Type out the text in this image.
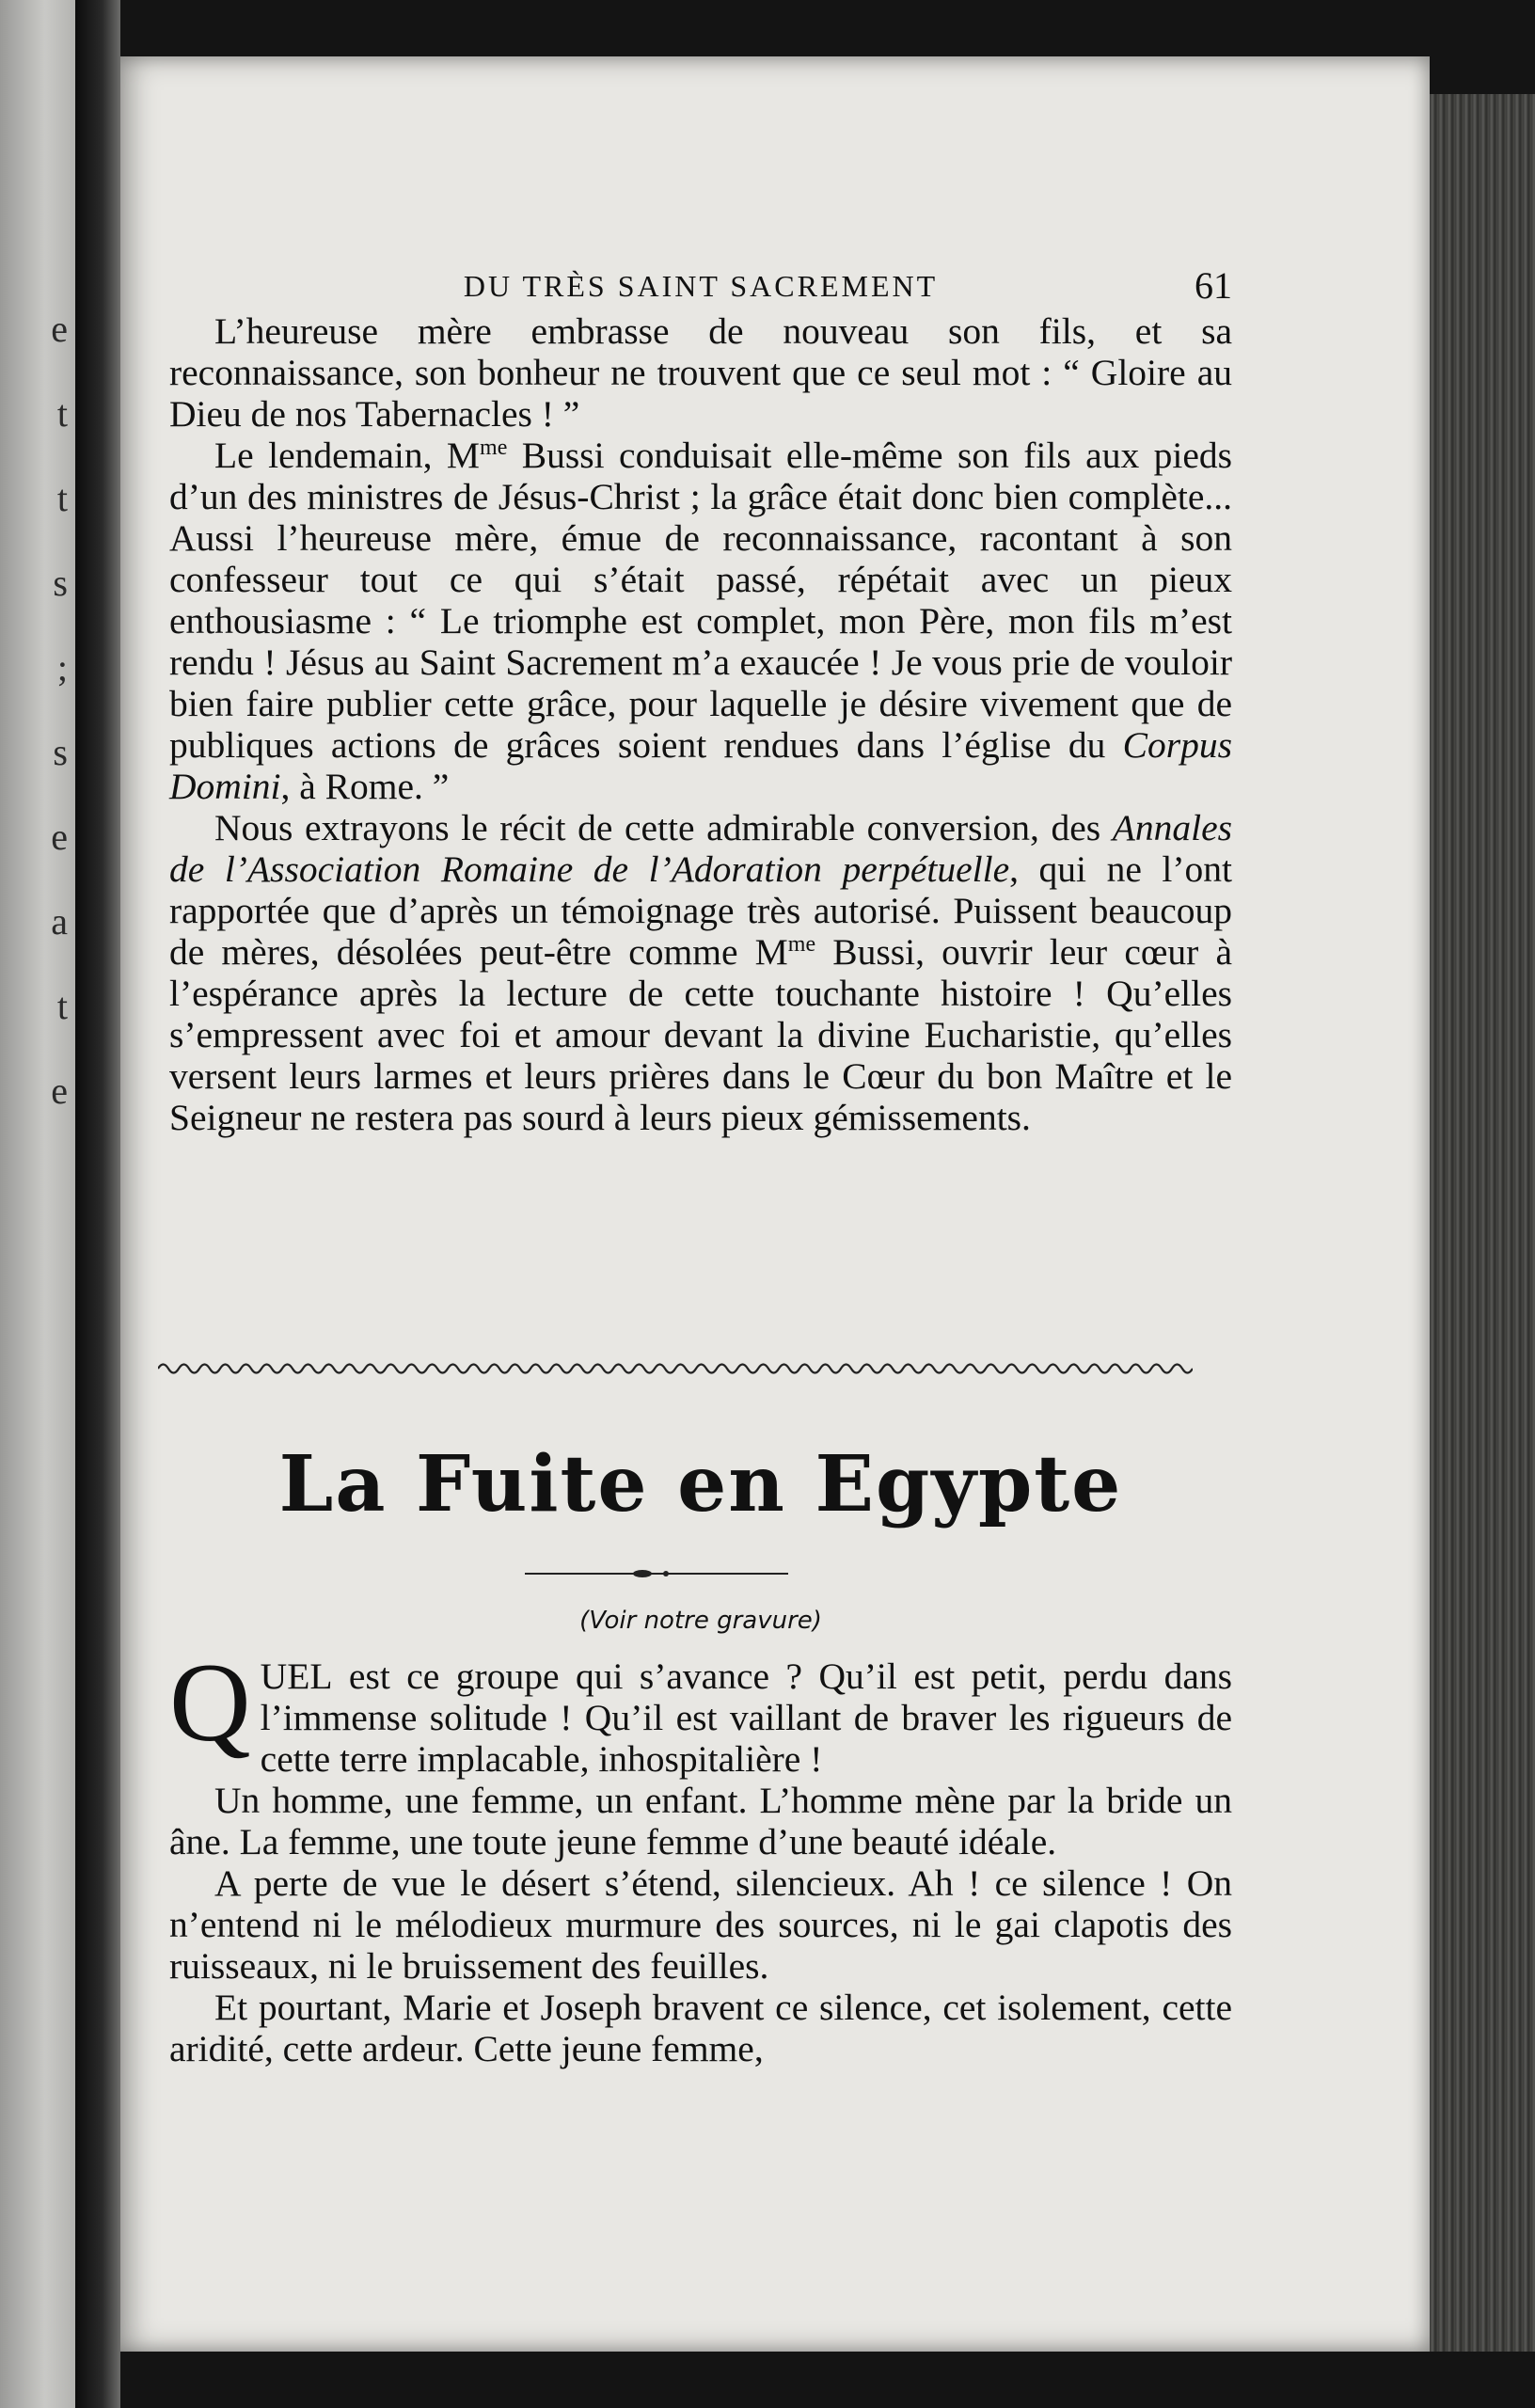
e
t
t
s
;
s
e
a
t
e
DU TRÈS SAINT SACREMENT	61

L’heureuse mère embrasse de nouveau son fils, et sa reconnaissance, son bonheur ne trouvent que ce seul mot : “ Gloire au Dieu de nos Tabernacles ! ”

Le lendemain, $M^{me}$ Bussi conduisait elle-même son fils aux pieds d’un des ministres de Jésus-Christ ; la grâce était donc bien complète... Aussi l’heureuse mère, émue de reconnaissance, racontant à son confesseur tout ce qui s’était passé, répétait avec un pieux enthousiasme : “ Le triomphe est complet, mon Père, mon fils m’est rendu ! Jésus au Saint Sacrement m’a exaucée ! Je vous prie de vouloir bien faire publier cette grâce, pour laquelle je désire vivement que de publiques actions de grâces soient rendues dans l’église du Corpus Domini, à Rome. ”

Nous extrayons le récit de cette admirable conversion, des Annales de l’Association Romaine de l’Adoration perpétuelle, qui ne l’ont rapportée que d’après un témoignage très autorisé. Puissent beaucoup de mères, désolées peut-être comme $M^{me}$ Bussi, ouvrir leur cœur à l’espérance après la lecture de cette touchante histoire ! Qu’elles s’empressent avec foi et amour devant la divine Eucharistie, qu’elles versent leurs larmes et leurs prières dans le Cœur du bon Maître et le Seigneur ne restera pas sourd à leurs pieux gémissements.

La Fuite en Egypte
(Voir notre gravure)

QUEL est ce groupe qui s’avance ? Qu’il est petit, perdu dans l’immense solitude ! Qu’il est vaillant de braver les rigueurs de cette terre implacable, inhospitalière !

Un homme, une femme, un enfant. L’homme mène par la bride un âne. La femme, une toute jeune femme d’une beauté idéale.

A perte de vue le désert s’étend, silencieux. Ah ! ce silence ! On n’entend ni le mélodieux murmure des sources, ni le gai clapotis des ruisseaux, ni le bruissement des feuilles.

Et pourtant, Marie et Joseph bravent ce silence, cet isolement, cette aridité, cette ardeur. Cette jeune femme,
